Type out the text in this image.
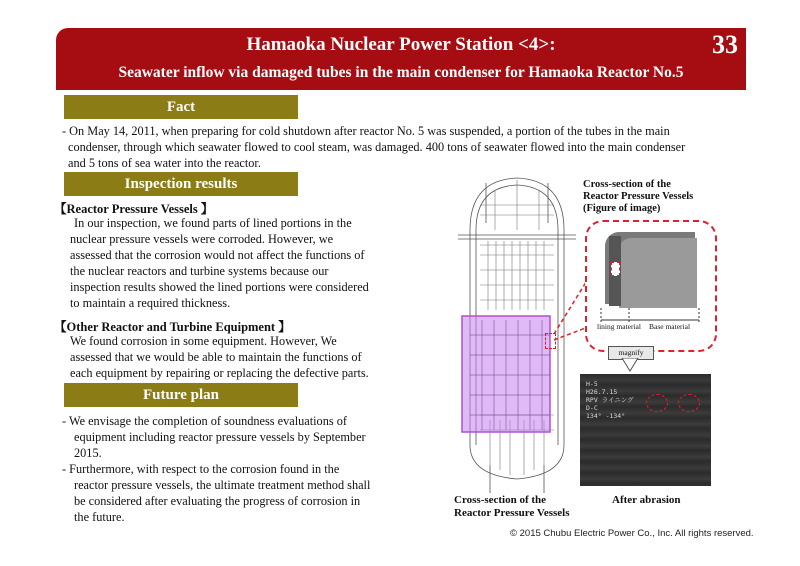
Hamaoka Nuclear Power Station <4>:
Seawater inflow via damaged tubes in the main condenser for Hamaoka Reactor No.5
33
Fact
- On May 14, 2011, when preparing for cold shutdown after reactor No. 5 was suspended, a portion of the tubes in the main
condenser, through which seawater flowed to cool steam, was damaged. 400 tons of seawater flowed into the main condenser
and 5 tons of sea water into the reactor.
Inspection results
【Reactor Pressure Vessels 】
In our inspection, we found parts of lined portions in the
nuclear pressure vessels were corroded. However, we
assessed that the corrosion would not affect the functions of
the nuclear reactors and turbine systems because our
inspection results showed the lined portions were considered
to maintain a required thickness.
【Other Reactor and Turbine Equipment 】
We found corrosion in some equipment. However, We
assessed that we would be able to maintain the functions of
each equipment by repairing or replacing the defective parts.
Future plan
- We envisage the completion of soundness evaluations of
equipment including reactor pressure vessels by September
2015.
- Furthermore, with respect to the corrosion found in the
reactor pressure vessels, the ultimate treatment method shall
be considered after evaluating the progress of corrosion in
the future.
Cross-section of the
Reactor Pressure Vessels
(Figure of image)
lining material Base material
magnify
H-5
H26.7.15
RPV ライニング
D-C
134° -134°
Cross-section of the
Reactor Pressure Vessels
After abrasion
© 2015 Chubu Electric Power Co., Inc. All rights reserved.
